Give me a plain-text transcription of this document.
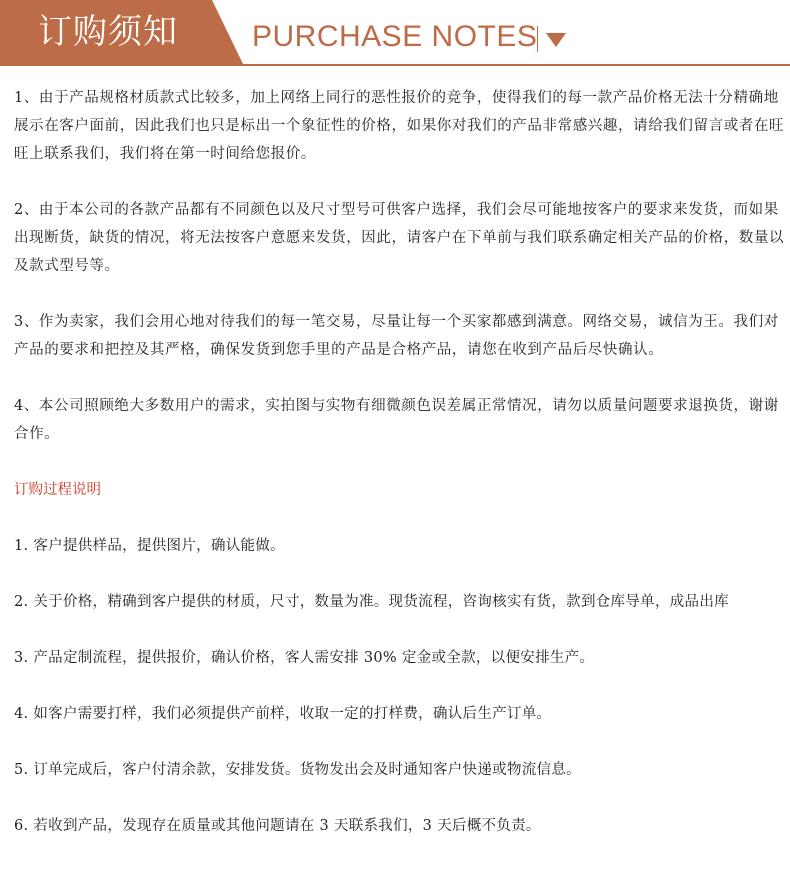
订购须知 PURCHASE NOTES

1、由于产品规格材质款式比较多，加上网络上同行的恶性报价的竞争，使得我们的每一款产品价格无法十分精确地展示在客户面前，因此我们也只是标出一个象征性的价格，如果你对我们的产品非常感兴趣，请给我们留言或者在旺旺上联系我们，我们将在第一时间给您报价。

2、由于本公司的各款产品都有不同颜色以及尺寸型号可供客户选择，我们会尽可能地按客户的要求来发货，而如果出现断货，缺货的情况，将无法按客户意愿来发货，因此，请客户在下单前与我们联系确定相关产品的价格，数量以及款式型号等。

3、作为卖家，我们会用心地对待我们的每一笔交易，尽量让每一个买家都感到满意。网络交易，诚信为王。我们对产品的要求和把控及其严格，确保发货到您手里的产品是合格产品，请您在收到产品后尽快确认。

4、本公司照顾绝大多数用户的需求，实拍图与实物有细微颜色误差属正常情况，请勿以质量问题要求退换货，谢谢合作。

订购过程说明
1. 客户提供样品，提供图片，确认能做。
2. 关于价格，精确到客户提供的材质，尺寸，数量为准。现货流程，咨询核实有货，款到仓库导单，成品出库
3. 产品定制流程，提供报价，确认价格，客人需安排 30% 定金或全款，以便安排生产。
4. 如客户需要打样，我们必须提供产前样，收取一定的打样费，确认后生产订单。
5. 订单完成后，客户付清余款，安排发货。货物发出会及时通知客户快递或物流信息。
6. 若收到产品，发现存在质量或其他问题请在 3 天联系我们，3 天后概不负责。
